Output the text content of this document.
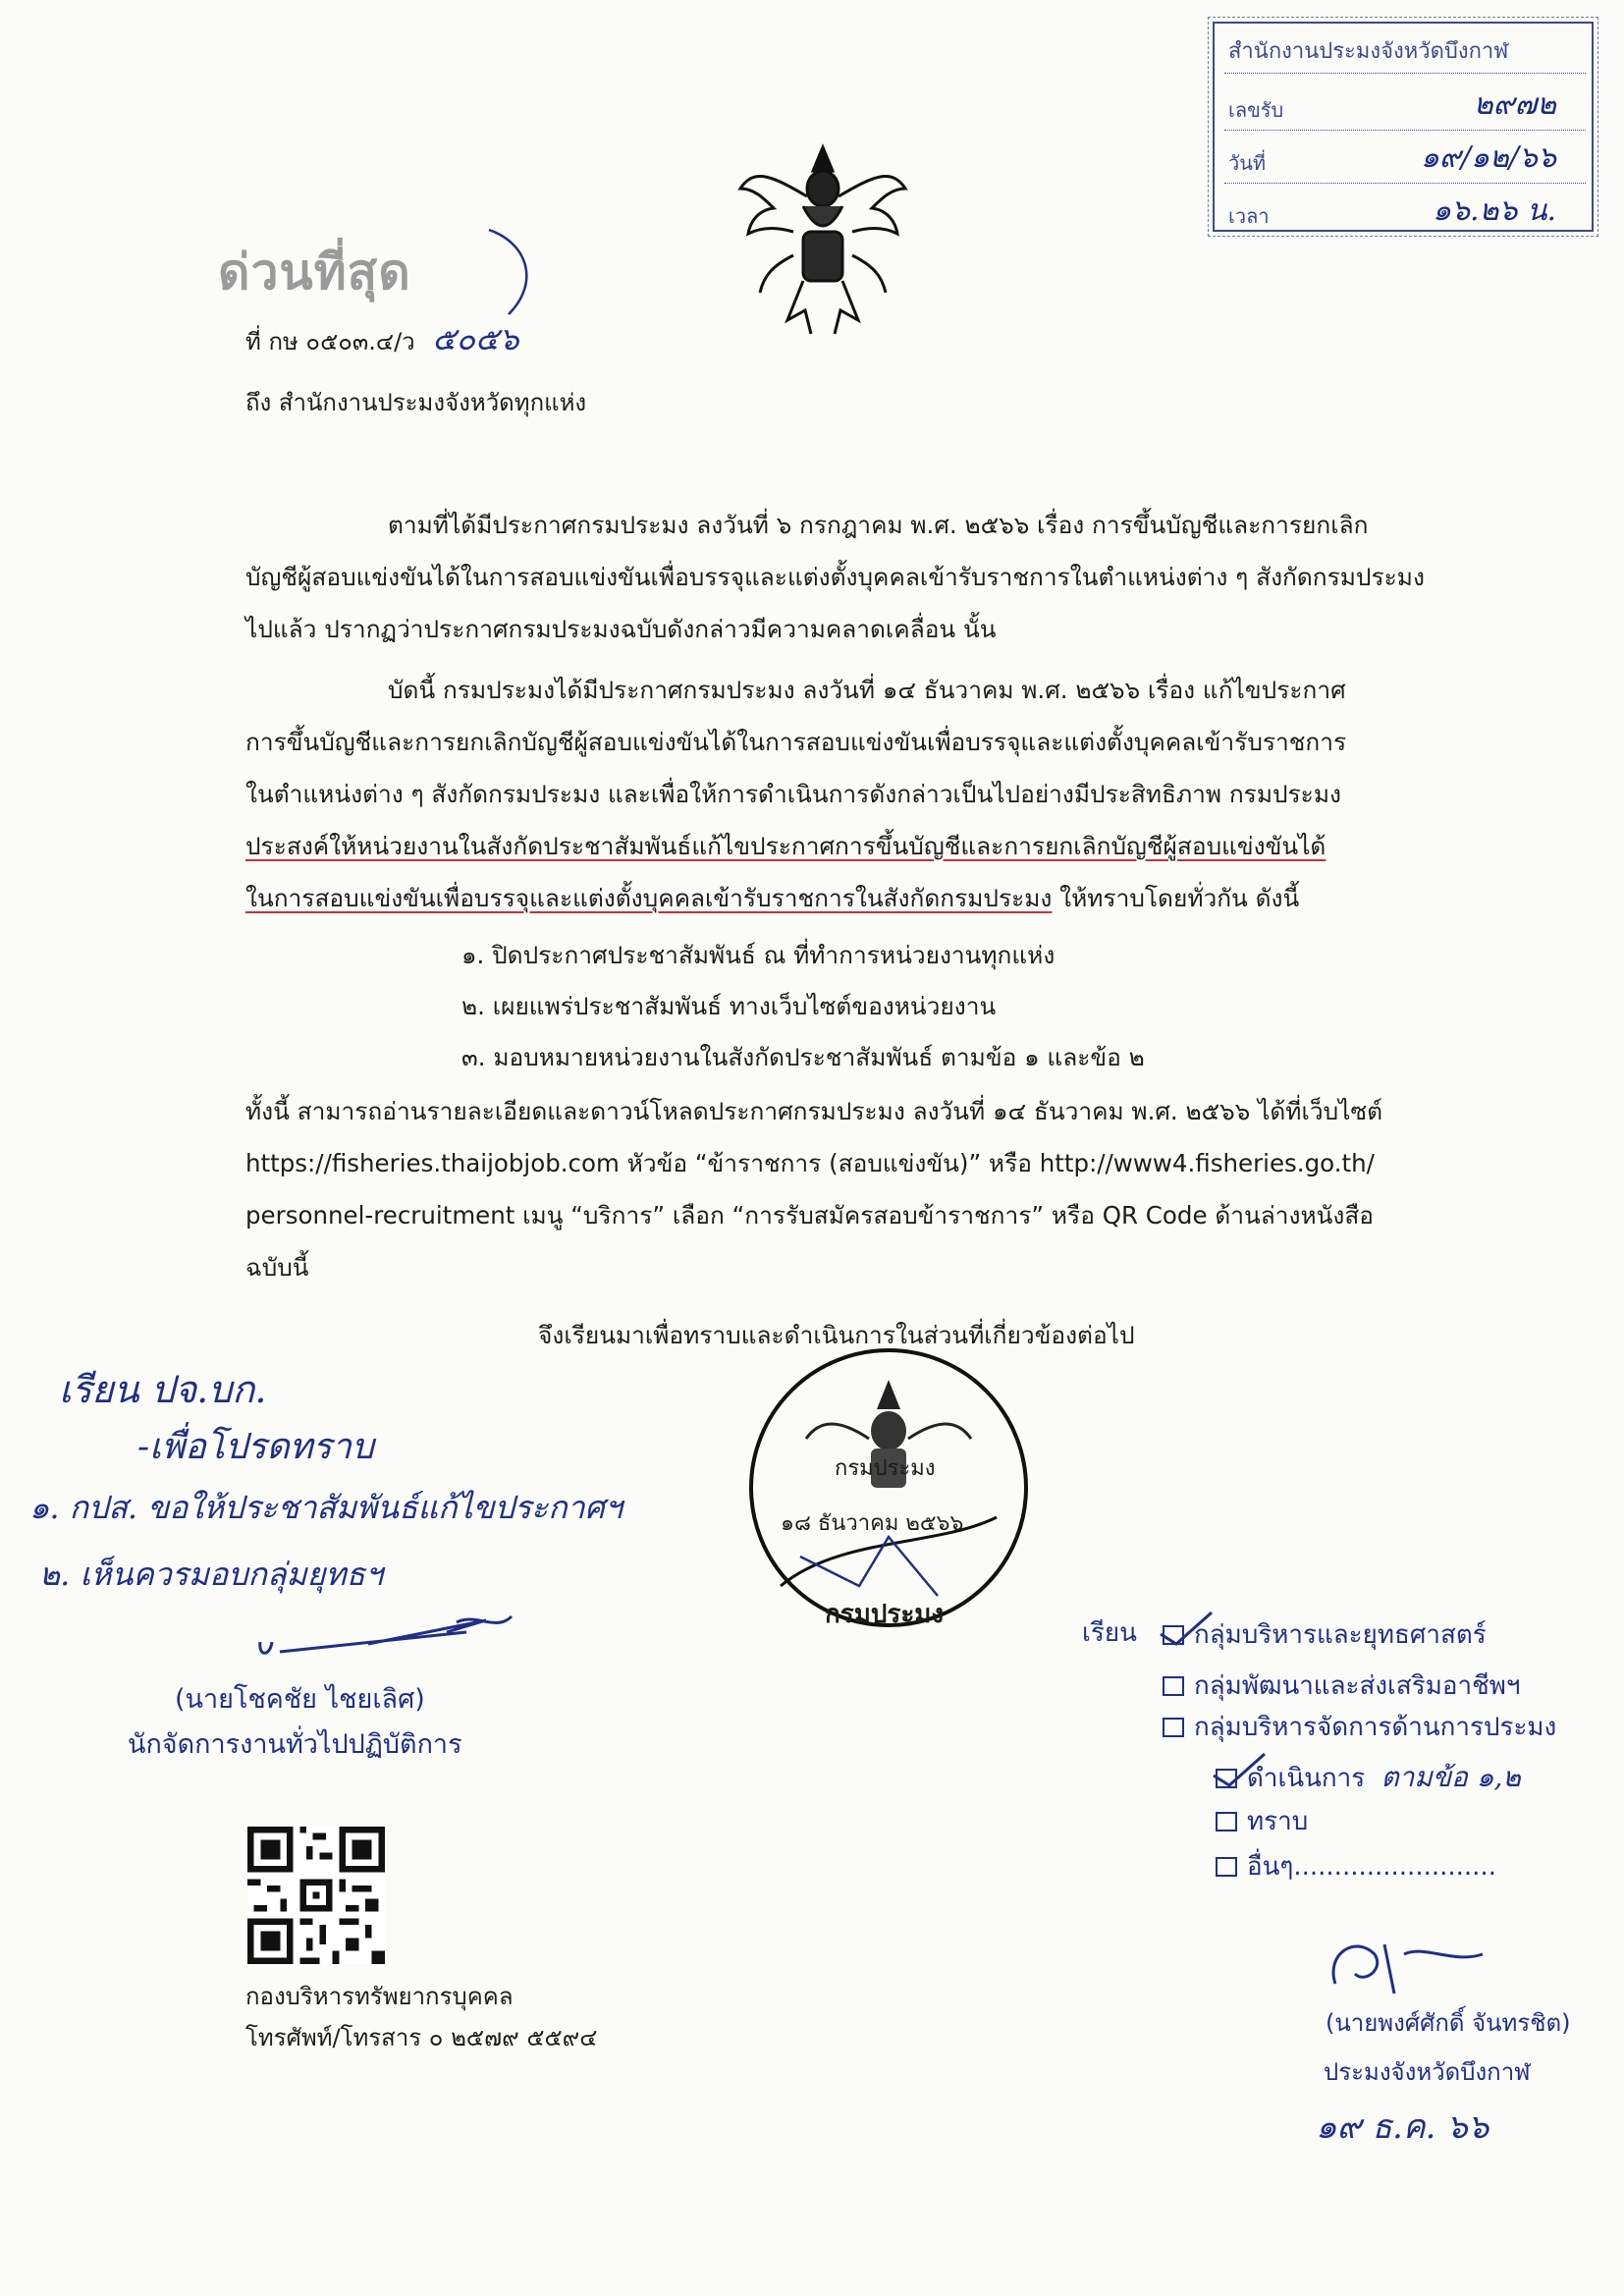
สำนักงานประมงจังหวัดบึงกาฬ
เลขรับ	๒๙๗๒
วันที่	๑๙/๑๒/๖๖
เวลา	๑๖.๒๖ น.
ด่วนที่สุด
ที่ กษ ๐๕๐๓.๔/ว ๕๐๕๖
ถึง สำนักงานประมงจังหวัดทุกแห่ง
ตามที่ได้มีประกาศกรมประมง ลงวันที่ ๖ กรกฎาคม พ.ศ. ๒๕๖๖ เรื่อง การขึ้นบัญชีและการยกเลิก
บัญชีผู้สอบแข่งขันได้ในการสอบแข่งขันเพื่อบรรจุและแต่งตั้งบุคคลเข้ารับราชการในตำแหน่งต่าง ๆ สังกัดกรมประมง
ไปแล้ว ปรากฏว่าประกาศกรมประมงฉบับดังกล่าวมีความคลาดเคลื่อน นั้น
บัดนี้ กรมประมงได้มีประกาศกรมประมง ลงวันที่ ๑๔ ธันวาคม พ.ศ. ๒๕๖๖ เรื่อง แก้ไขประกาศ
การขึ้นบัญชีและการยกเลิกบัญชีผู้สอบแข่งขันได้ในการสอบแข่งขันเพื่อบรรจุและแต่งตั้งบุคคลเข้ารับราชการ
ในตำแหน่งต่าง ๆ สังกัดกรมประมง และเพื่อให้การดำเนินการดังกล่าวเป็นไปอย่างมีประสิทธิภาพ กรมประมง
ประสงค์ให้หน่วยงานในสังกัดประชาสัมพันธ์แก้ไขประกาศการขึ้นบัญชีและการยกเลิกบัญชีผู้สอบแข่งขันได้
ในการสอบแข่งขันเพื่อบรรจุและแต่งตั้งบุคคลเข้ารับราชการในสังกัดกรมประมง ให้ทราบโดยทั่วกัน ดังนี้
๑. ปิดประกาศประชาสัมพันธ์ ณ ที่ทำการหน่วยงานทุกแห่ง
๒. เผยแพร่ประชาสัมพันธ์ ทางเว็บไซต์ของหน่วยงาน
๓. มอบหมายหน่วยงานในสังกัดประชาสัมพันธ์ ตามข้อ ๑ และข้อ ๒
ทั้งนี้ สามารถอ่านรายละเอียดและดาวน์โหลดประกาศกรมประมง ลงวันที่ ๑๔ ธันวาคม พ.ศ. ๒๕๖๖ ได้ที่เว็บไซต์
https://fisheries.thaijobjob.com หัวข้อ “ข้าราชการ (สอบแข่งขัน)” หรือ http://www4.fisheries.go.th/
personnel-recruitment เมนู “บริการ” เลือก “การรับสมัครสอบข้าราชการ” หรือ QR Code ด้านล่างหนังสือ
ฉบับนี้
จึงเรียนมาเพื่อทราบและดำเนินการในส่วนที่เกี่ยวข้องต่อไป
เรียน ปจ.บก.
-เพื่อโปรดทราบ
๑. กปส. ขอให้ประชาสัมพันธ์แก้ไขประกาศฯ
๒. เห็นควรมอบกลุ่มยุทธฯ
กรมประมง
๑๘ ธันวาคม ๒๕๖๖
กรมประมง
(นายโชคชัย ไชยเลิศ)
นักจัดการงานทั่วไปปฏิบัติการ
เรียน	กลุ่มบริหารและยุทธศาสตร์
กลุ่มพัฒนาและส่งเสริมอาชีพฯ
กลุ่มบริหารจัดการด้านการประมง
ดำเนินการ ตามข้อ ๑,๒
ทราบ
อื่นๆ.........................
กองบริหารทรัพยากรบุคคล
โทรศัพท์/โทรสาร ๐ ๒๕๗๙ ๕๕๙๔
(นายพงศ์ศักดิ์ จันทรชิต)
ประมงจังหวัดบึงกาฬ
๑๙ ธ.ค. ๖๖
